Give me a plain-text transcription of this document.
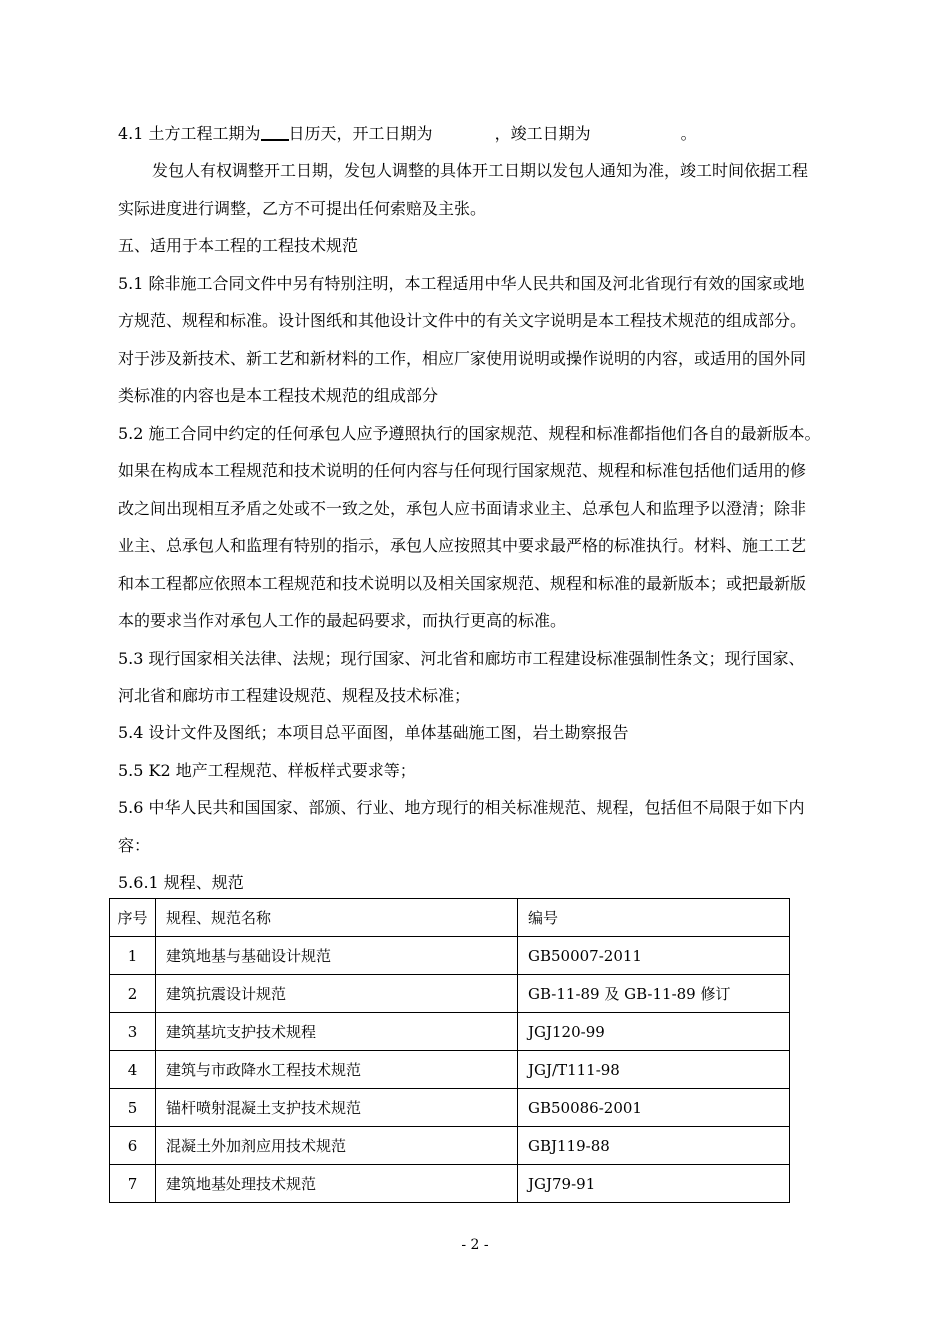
4.1 土方工程工期为 日历天，开工日期为	，竣工日期为	。
发包人有权调整开工日期，发包人调整的具体开工日期以发包人通知为准，竣工时间依据工程
实际进度进行调整，乙方不可提出任何索赔及主张。
五、适用于本工程的工程技术规范
5.1 除非施工合同文件中另有特别注明，本工程适用中华人民共和国及河北省现行有效的国家或地
方规范、规程和标准。设计图纸和其他设计文件中的有关文字说明是本工程技术规范的组成部分。
对于涉及新技术、新工艺和新材料的工作，相应厂家使用说明或操作说明的内容，或适用的国外同
类标准的内容也是本工程技术规范的组成部分
5.2 施工合同中约定的任何承包人应予遵照执行的国家规范、规程和标准都指他们各自的最新版本。
如果在构成本工程规范和技术说明的任何内容与任何现行国家规范、规程和标准包括他们适用的修
改之间出现相互矛盾之处或不一致之处，承包人应书面请求业主、总承包人和监理予以澄清；除非
业主、总承包人和监理有特别的指示，承包人应按照其中要求最严格的标准执行。材料、施工工艺
和本工程都应依照本工程规范和技术说明以及相关国家规范、规程和标准的最新版本；或把最新版
本的要求当作对承包人工作的最起码要求，而执行更高的标准。
5.3 现行国家相关法律、法规；现行国家、河北省和廊坊市工程建设标准强制性条文；现行国家、
河北省和廊坊市工程建设规范、规程及技术标准；
5.4 设计文件及图纸；本项目总平面图，单体基础施工图，岩土勘察报告
5.5 K2 地产工程规范、样板样式要求等；
5.6 中华人民共和国国家、部颁、行业、地方现行的相关标准规范、规程，包括但不局限于如下内
容：
5.6.1 规程、规范
序号	规程、规范名称	编号
1	建筑地基与基础设计规范	GB50007-2011
2	建筑抗震设计规范	GB-11-89 及 GB-11-89 修订
3	建筑基坑支护技术规程	JGJ120-99
4	建筑与市政降水工程技术规范	JGJ/T111-98
5	锚杆喷射混凝土支护技术规范	GB50086-2001
6	混凝土外加剂应用技术规范	GBJ119-88
7	建筑地基处理技术规范	JGJ79-91
- 2 -
